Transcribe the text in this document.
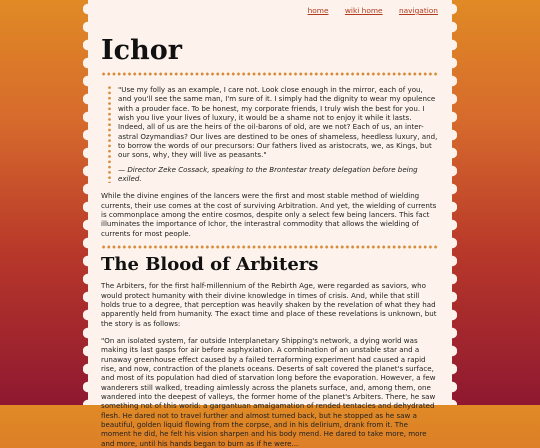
home wiki home navigation
Ichor

"Use my folly as an example, I care not. Look close enough in the mirror, each of you, and you'll see the same man, I'm sure of it. I simply had the dignity to wear my opulence with a prouder face. To be honest, my corporate friends, I truly wish the best for you. I wish you live your lives of luxury, it would be a shame not to enjoy it while it lasts. Indeed, all of us are the heirs of the oil-barons of old, are we not? Each of us, an inter-astral Ozymandias? Our lives are destined to be ones of shameless, heedless luxury, and, to borrow the words of our precursors: Our fathers lived as aristocrats, we, as Kings, but our sons, why, they will live as peasants."

— Director Zeke Cossack, speaking to the Brontestar treaty delegation before being exiled.

While the divine engines of the lancers were the first and most stable method of wielding currents, their use comes at the cost of surviving Arbitration. And yet, the wielding of currents is commonplace among the entire cosmos, despite only a select few being lancers. This fact illuminates the importance of Ichor, the interastral commodity that allows the wielding of currents for most people.

The Blood of Arbiters

The Arbiters, for the first half-millennium of the Rebirth Age, were regarded as saviors, who would protect humanity with their divine knowledge in times of crisis. And, while that still holds true to a degree, that perception was heavily shaken by the revelation of what they had apparently held from humanity. The exact time and place of these revelations is unknown, but the story is as follows:

"On an isolated system, far outside Interplanetary Shipping's network, a dying world was making its last gasps for air before asphyxiation. A combination of an unstable star and a runaway greenhouse effect caused by a failed terraforming experiment had caused a rapid rise, and now, contraction of the planets oceans. Deserts of salt covered the planet's surface, and most of its population had died of starvation long before the evaporation. However, a few wanderers still walked, treading aimlessly across the planets surface, and, among them, one wandered into the deepest of valleys, the former home of the planet's Arbiters. There, he saw something not of this world: a gargantuan amalgamation of rended tentacles and dehydrated flesh. He dared not to travel further and almost turned back, but he stopped as he saw a beautiful, golden liquid flowing from the corpse, and in his delirium, drank from it. The moment he did, he felt his vision sharpen and his body mend. He dared to take more, more and more, until his hands began to burn as if he were...
